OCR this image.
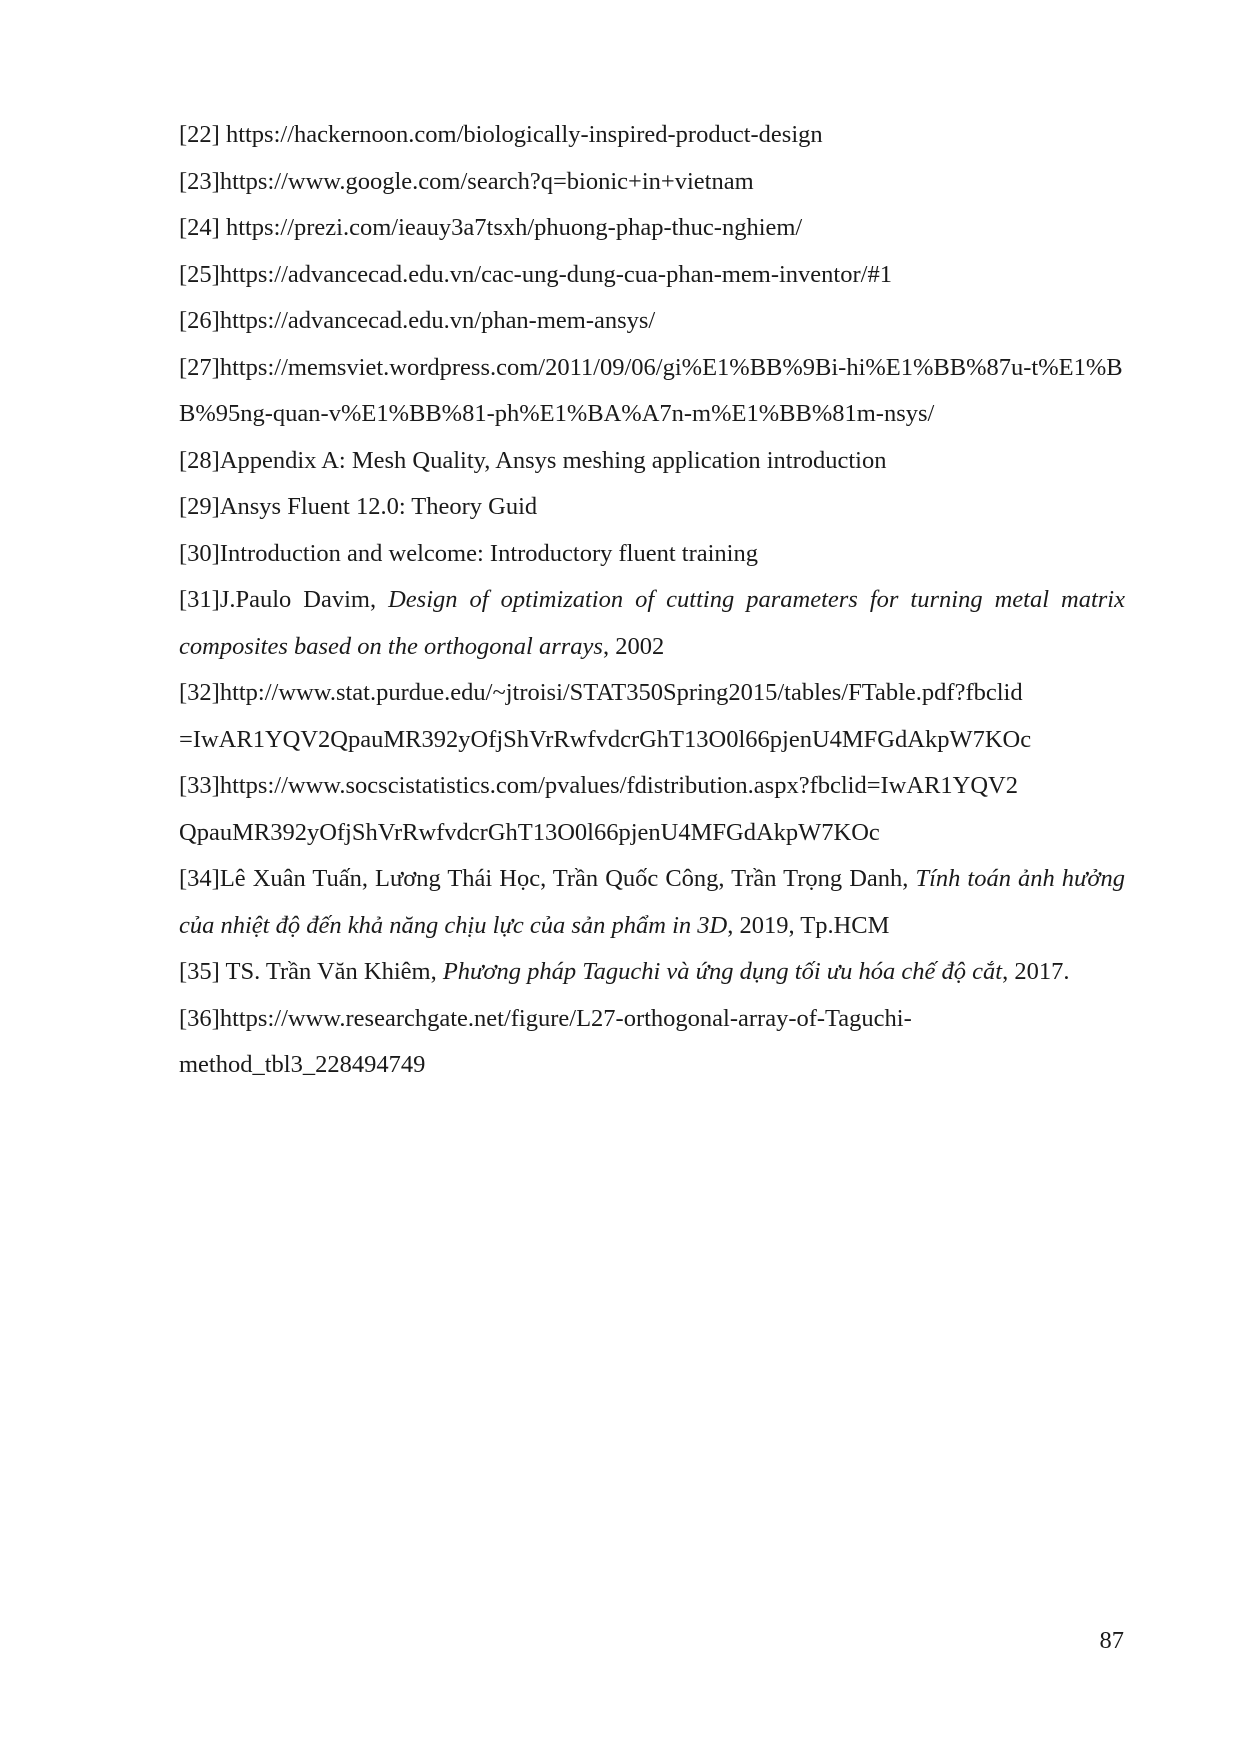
[22] https://hackernoon.com/biologically-inspired-product-design

[23]https://www.google.com/search?q=bionic+in+vietnam

[24] https://prezi.com/ieauy3a7tsxh/phuong-phap-thuc-nghiem/

[25]https://advancecad.edu.vn/cac-ung-dung-cua-phan-mem-inventor/#1

[26]https://advancecad.edu.vn/phan-mem-ansys/

[27]https://memsviet.wordpress.com/2011/09/06/gi%E1%BB%9Bi-hi%E1%BB%87u-t%E1%BB%95ng-quan-v%E1%BB%81-ph%E1%BA%A7n-m%E1%BB%81m-nsys/

[28]Appendix A: Mesh Quality, Ansys meshing application introduction

[29]Ansys Fluent 12.0: Theory Guid

[30]Introduction and welcome: Introductory fluent training

[31]J.Paulo Davim, Design of optimization of cutting parameters for turning metal matrix composites based on the orthogonal arrays, 2002

[32]http://www.stat.purdue.edu/~jtroisi/STAT350Spring2015/tables/FTable.pdf?fbclid
=IwAR1YQV2QpauMR392yOfjShVrRwfvdcrGhT13O0l66pjenU4MFGdAkpW7KOc

[33]https://www.socscistatistics.com/pvalues/fdistribution.aspx?fbclid=IwAR1YQV2
QpauMR392yOfjShVrRwfvdcrGhT13O0l66pjenU4MFGdAkpW7KOc

[34]Lê Xuân Tuấn, Lương Thái Học, Trần Quốc Công, Trần Trọng Danh, Tính toán ảnh hưởng của nhiệt độ đến khả năng chịu lực của sản phẩm in 3D, 2019, Tp.HCM

[35] TS. Trần Văn Khiêm, Phương pháp Taguchi và ứng dụng tối ưu hóa chế độ cắt, 2017.

[36]https://www.researchgate.net/figure/L27-orthogonal-array-of-Taguchi-
method_tbl3_228494749

87
